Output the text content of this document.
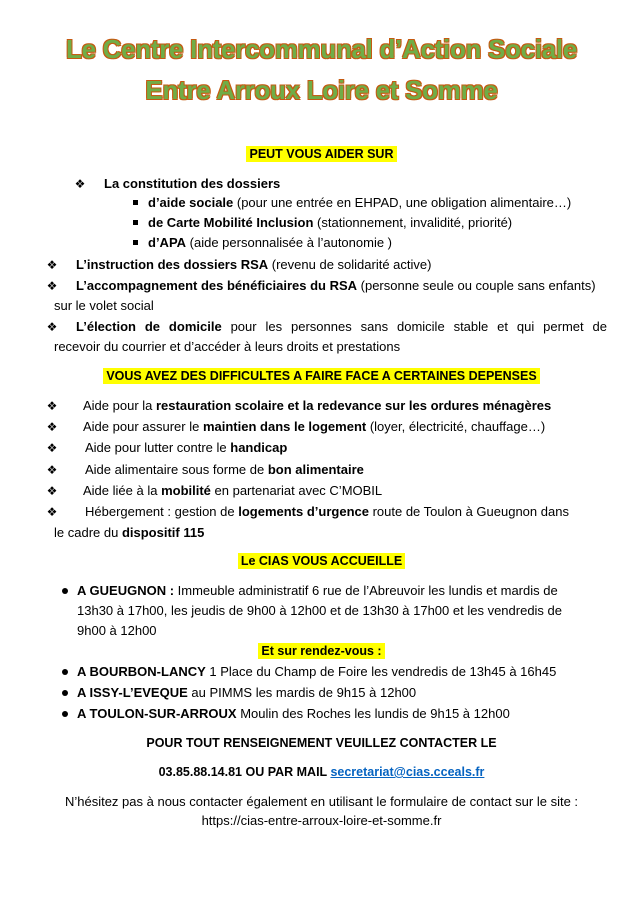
Le Centre Intercommunal d’Action Sociale
Entre Arroux Loire et Somme
PEUT VOUS AIDER SUR
❖ La constitution des dossiers
d’aide sociale (pour une entrée en EHPAD, une obligation alimentaire…)
de Carte Mobilité Inclusion (stationnement, invalidité, priorité)
d’APA (aide personnalisée à l’autonomie )
❖ L’instruction des dossiers RSA (revenu de solidarité active)
❖ L’accompagnement des bénéficiaires du RSA (personne seule ou couple sans enfants)
sur le volet social
❖ L’élection de domicile pour les personnes sans domicile stable et qui permet de
recevoir du courrier et d’accéder à leurs droits et prestations
VOUS AVEZ DES DIFFICULTES A FAIRE FACE A CERTAINES DEPENSES
❖ Aide pour la restauration scolaire et la redevance sur les ordures ménagères
❖ Aide pour assurer le maintien dans le logement (loyer, électricité, chauffage…)
❖ Aide pour lutter contre le handicap
❖ Aide alimentaire sous forme de bon alimentaire
❖ Aide liée à la mobilité en partenariat avec C’MOBIL
❖ Hébergement : gestion de logements d’urgence route de Toulon à Gueugnon dans
le cadre du dispositif 115
Le CIAS VOUS ACCUEILLE
A GUEUGNON : Immeuble administratif 6 rue de l’Abreuvoir les lundis et mardis de
13h30 à 17h00, les jeudis de 9h00 à 12h00 et de 13h30 à 17h00 et les vendredis de
9h00 à 12h00
Et sur rendez-vous :
A BOURBON-LANCY 1 Place du Champ de Foire les vendredis de 13h45 à 16h45
A ISSY-L’EVEQUE au PIMMS les mardis de 9h15 à 12h00
A TOULON-SUR-ARROUX Moulin des Roches les lundis de 9h15 à 12h00
POUR TOUT RENSEIGNEMENT VEUILLEZ CONTACTER LE
03.85.88.14.81 OU PAR MAIL secretariat@cias.cceals.fr
N’hésitez pas à nous contacter également en utilisant le formulaire de contact sur le site :
https://cias-entre-arroux-loire-et-somme.fr
